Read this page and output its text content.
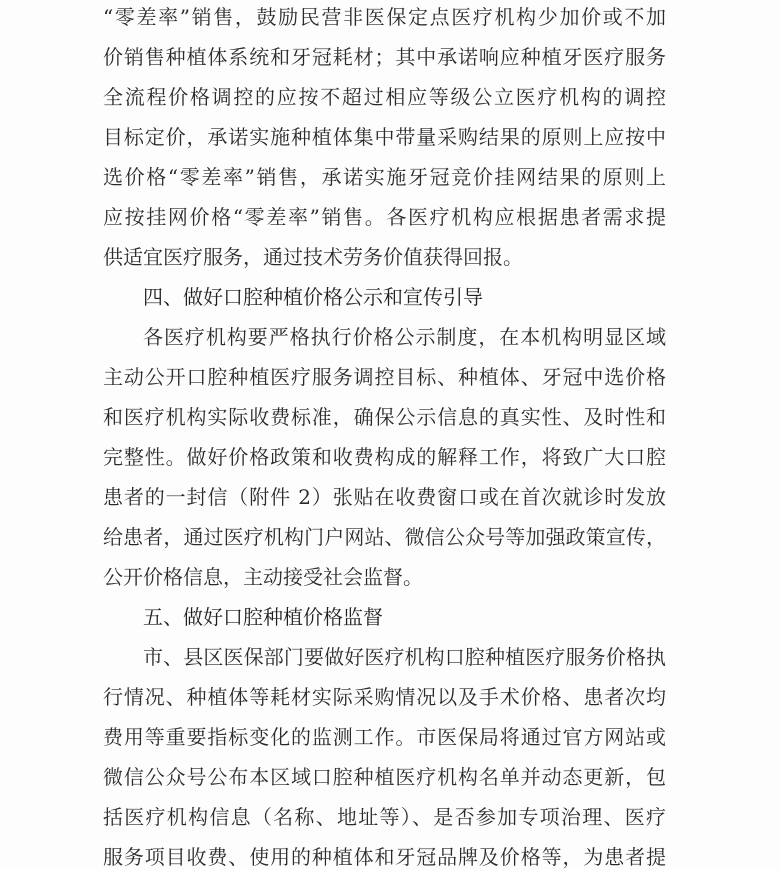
“零差率”销售，鼓励民营非医保定点医疗机构少加价或不加
价销售种植体系统和牙冠耗材；其中承诺响应种植牙医疗服务
全流程价格调控的应按不超过相应等级公立医疗机构的调控
目标定价，承诺实施种植体集中带量采购结果的原则上应按中
选价格“零差率”销售，承诺实施牙冠竞价挂网结果的原则上
应按挂网价格“零差率”销售。各医疗机构应根据患者需求提
供适宜医疗服务，通过技术劳务价值获得回报。
四、做好口腔种植价格公示和宣传引导
各医疗机构要严格执行价格公示制度，在本机构明显区域
主动公开口腔种植医疗服务调控目标、种植体、牙冠中选价格
和医疗机构实际收费标准，确保公示信息的真实性、及时性和
完整性。做好价格政策和收费构成的解释工作，将致广大口腔
患者的一封信（附件 2）张贴在收费窗口或在首次就诊时发放
给患者，通过医疗机构门户网站、微信公众号等加强政策宣传，
公开价格信息，主动接受社会监督。
五、做好口腔种植价格监督
市、县区医保部门要做好医疗机构口腔种植医疗服务价格执
行情况、种植体等耗材实际采购情况以及手术价格、患者次均
费用等重要指标变化的监测工作。市医保局将通过官方网站或
微信公众号公布本区域口腔种植医疗机构名单并动态更新，包
括医疗机构信息（名称、地址等）、是否参加专项治理、医疗
服务项目收费、使用的种植体和牙冠品牌及价格等，为患者提
